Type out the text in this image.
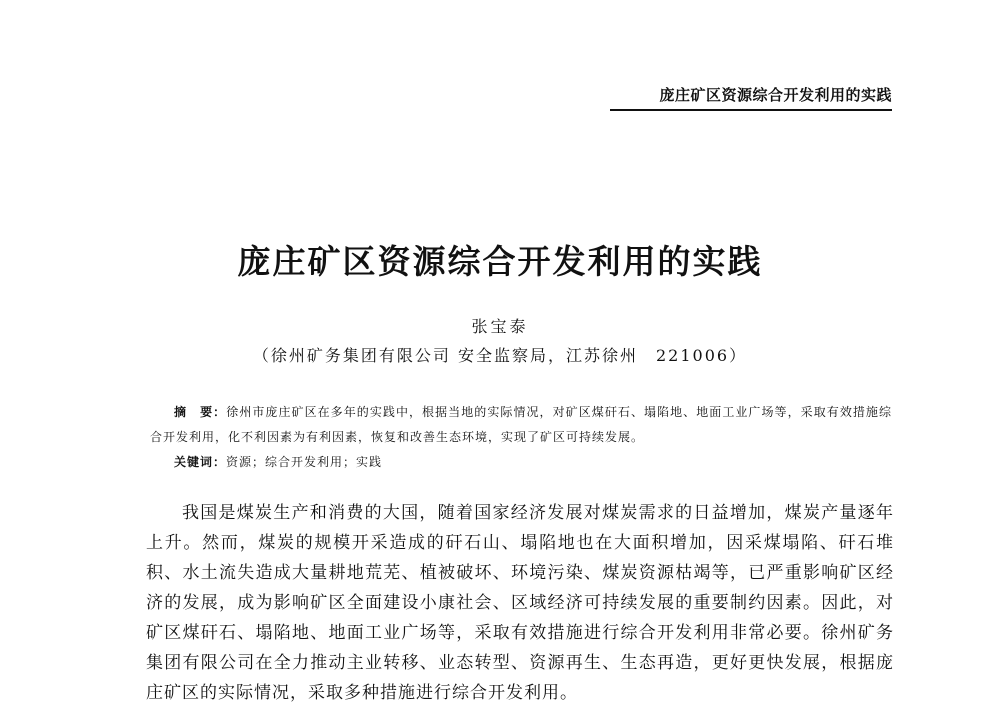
庞庄矿区资源综合开发利用的实践
庞庄矿区资源综合开发利用的实践
张宝泰
（徐州矿务集团有限公司 安全监察局，江苏徐州　221006）
摘　要：徐州市庞庄矿区在多年的实践中，根据当地的实际情况，对矿区煤矸石、塌陷地、地面工业广场等，采取有效措施综合开发利用，化不利因素为有利因素，恢复和改善生态环境，实现了矿区可持续发展。
关键词：资源；综合开发利用；实践
我国是煤炭生产和消费的大国，随着国家经济发展对煤炭需求的日益增加，煤炭产量逐年上升。然而，煤炭的规模开采造成的矸石山、塌陷地也在大面积增加，因采煤塌陷、矸石堆积、水土流失造成大量耕地荒芜、植被破坏、环境污染、煤炭资源枯竭等，已严重影响矿区经济的发展，成为影响矿区全面建设小康社会、区域经济可持续发展的重要制约因素。因此，对矿区煤矸石、塌陷地、地面工业广场等，采取有效措施进行综合开发利用非常必要。徐州矿务集团有限公司在全力推动主业转移、业态转型、资源再生、生态再造，更好更快发展，根据庞庄矿区的实际情况，采取多种措施进行综合开发利用。
